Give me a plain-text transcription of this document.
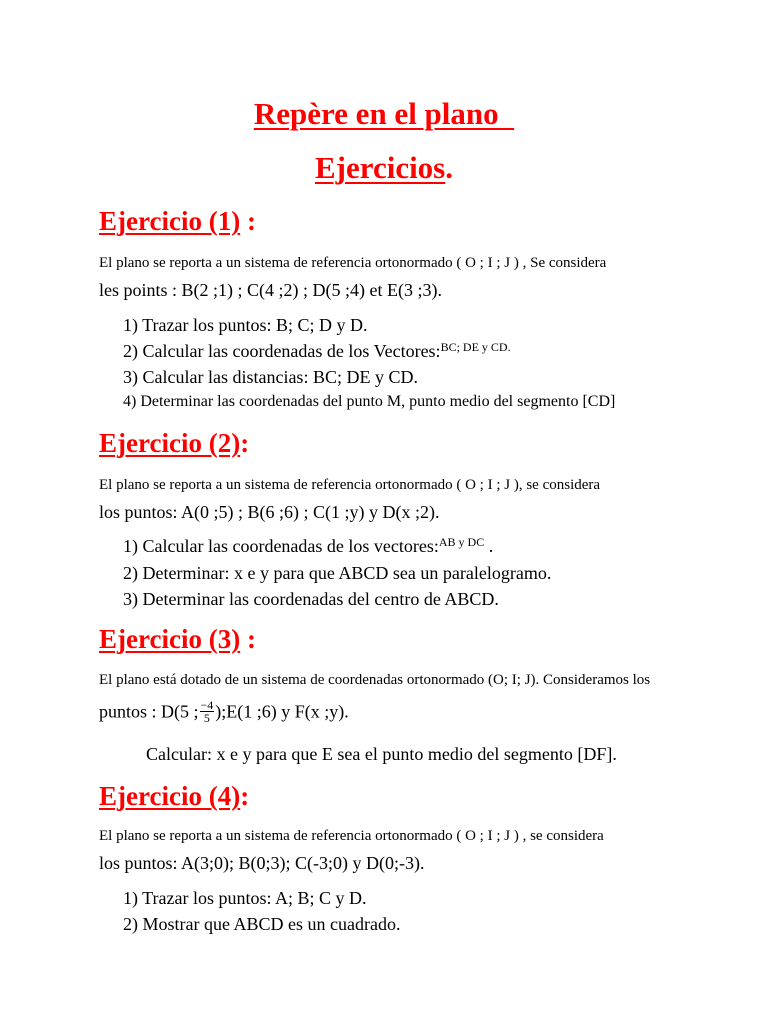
Repère en el plano
Ejercicios.
Ejercicio (1) :
El plano se reporta a un sistema de referencia ortonormado ( O ; I ; J ) , Se considera
les points : B(2 ;1) ; C(4 ;2) ; D(5 ;4) et E(3 ;3).
1) Trazar los puntos: B; C; D y D.
2) Calcular las coordenadas de los Vectores:$^{BC; DE y CD.}$
3) Calcular las distancias: BC; DE y CD.
4) Determinar las coordenadas del punto M, punto medio del segmento [CD]
Ejercicio (2):
El plano se reporta a un sistema de referencia ortonormado ( O ; I ; J ), se considera
los puntos: A(0 ;5) ; B(6 ;6) ; C(1 ;y) y D(x ;2).
1) Calcular las coordenadas de los vectores:$^{AB y DC}$ .
2) Determinar: x e y para que ABCD sea un paralelogramo.
3) Determinar las coordenadas del centro de ABCD.
Ejercicio (3) :
El plano está dotado de un sistema de coordenadas ortonormado (O; I; J). Consideramos los
puntos : D(5 ; $\frac{-4}{5}$ );E(1 ;6) y F(x ;y).
Calcular: x e y para que E sea el punto medio del segmento [DF].
Ejercicio (4):
El plano se reporta a un sistema de referencia ortonormado ( O ; I ; J ) , se considera
los puntos: A(3;0); B(0;3); C(-3;0) y D(0;-3).
1) Trazar los puntos: A; B; C y D.
2) Mostrar que ABCD es un cuadrado.
